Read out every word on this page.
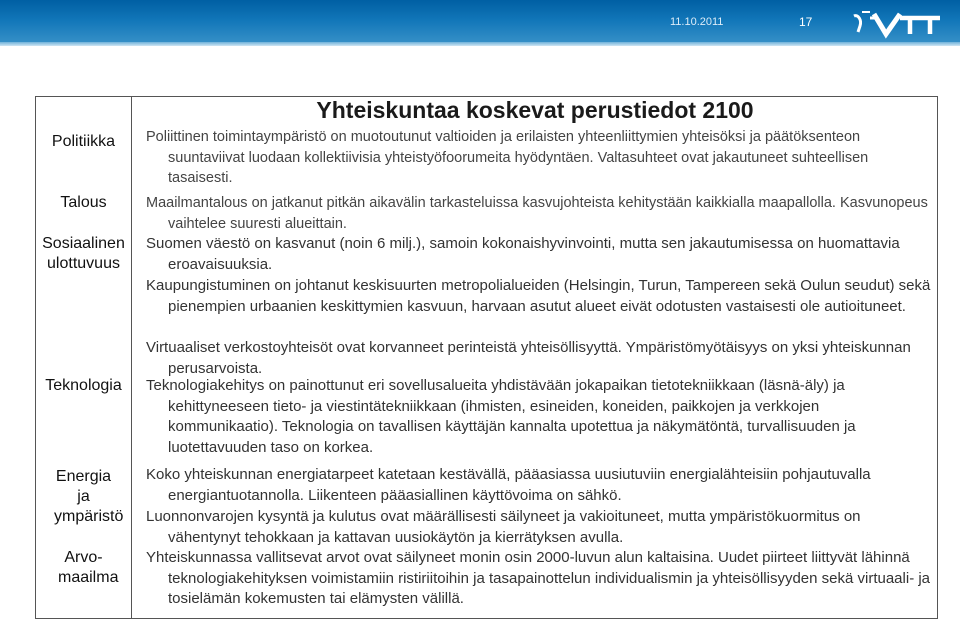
11.10.2011	17
Yhteiskuntaa koskevat perustiedot 2100
Politiikka
Talous
Sosiaalinen ulottuvuus
Teknologia
Energia ja ympäristö
Arvo-maailma
Poliittinen toimintaympäristö on muotoutunut valtioiden ja erilaisten yhteenliittymien yhteisöksi ja päätöksenteon suuntaviivat luodaan kollektiivisia yhteistyöfoorumeita hyödyntäen. Valtasuhteet ovat jakautuneet suhteellisen tasaisesti.
Maailmantalous on jatkanut pitkän aikavälin tarkasteluissa kasvujohteista kehitystään kaikkialla maapallolla. Kasvunopeus vaihtelee suuresti alueittain.
Suomen väestö on kasvanut (noin 6 milj.), samoin kokonaishyvinvointi, mutta sen jakautumisessa on huomattavia eroavaisuuksia.
Kaupungistuminen on johtanut keskisuurten metropolialueiden (Helsingin, Turun, Tampereen sekä Oulun seudut) sekä pienempien urbaanien keskittymien kasvuun, harvaan asutut alueet eivät odotusten vastaisesti ole autioituneet.
Virtuaaliset verkostoyhteisöt ovat korvanneet perinteistä yhteisöllisyyttä. Ympäristömyötäisyys on yksi yhteiskunnan perusarvoista.
Teknologiakehitys on painottunut eri sovellusalueita yhdistävään jokapaikan tietotekniikkaan (läsnä-äly) ja kehittyneeseen tieto- ja viestintätekniikkaan (ihmisten, esineiden, koneiden, paikkojen ja verkkojen kommunikaatio). Teknologia on tavallisen käyttäjän kannalta upotettua ja näkymätöntä, turvallisuuden ja luotettavuuden taso on korkea.
Koko yhteiskunnan energiatarpeet katetaan kestävällä, pääasiassa uusiutuviin energialähteisiin pohjautuvalla energiantuotannolla. Liikenteen pääasiallinen käyttövoima on sähkö.
Luonnonvarojen kysyntä ja kulutus ovat määrällisesti säilyneet ja vakioituneet, mutta ympäristökuormitus on vähentynyt tehokkaan ja kattavan uusiokäytön ja kierrätyksen avulla.
Yhteiskunnassa vallitsevat arvot ovat säilyneet monin osin 2000-luvun alun kaltaisina. Uudet piirteet liittyvät lähinnä teknologiakehityksen voimistamiin ristiriitoihin ja tasapainottelun individualismin ja yhteisöllisyyden sekä virtuaali- ja tosielämän kokemusten tai elämysten välillä.
